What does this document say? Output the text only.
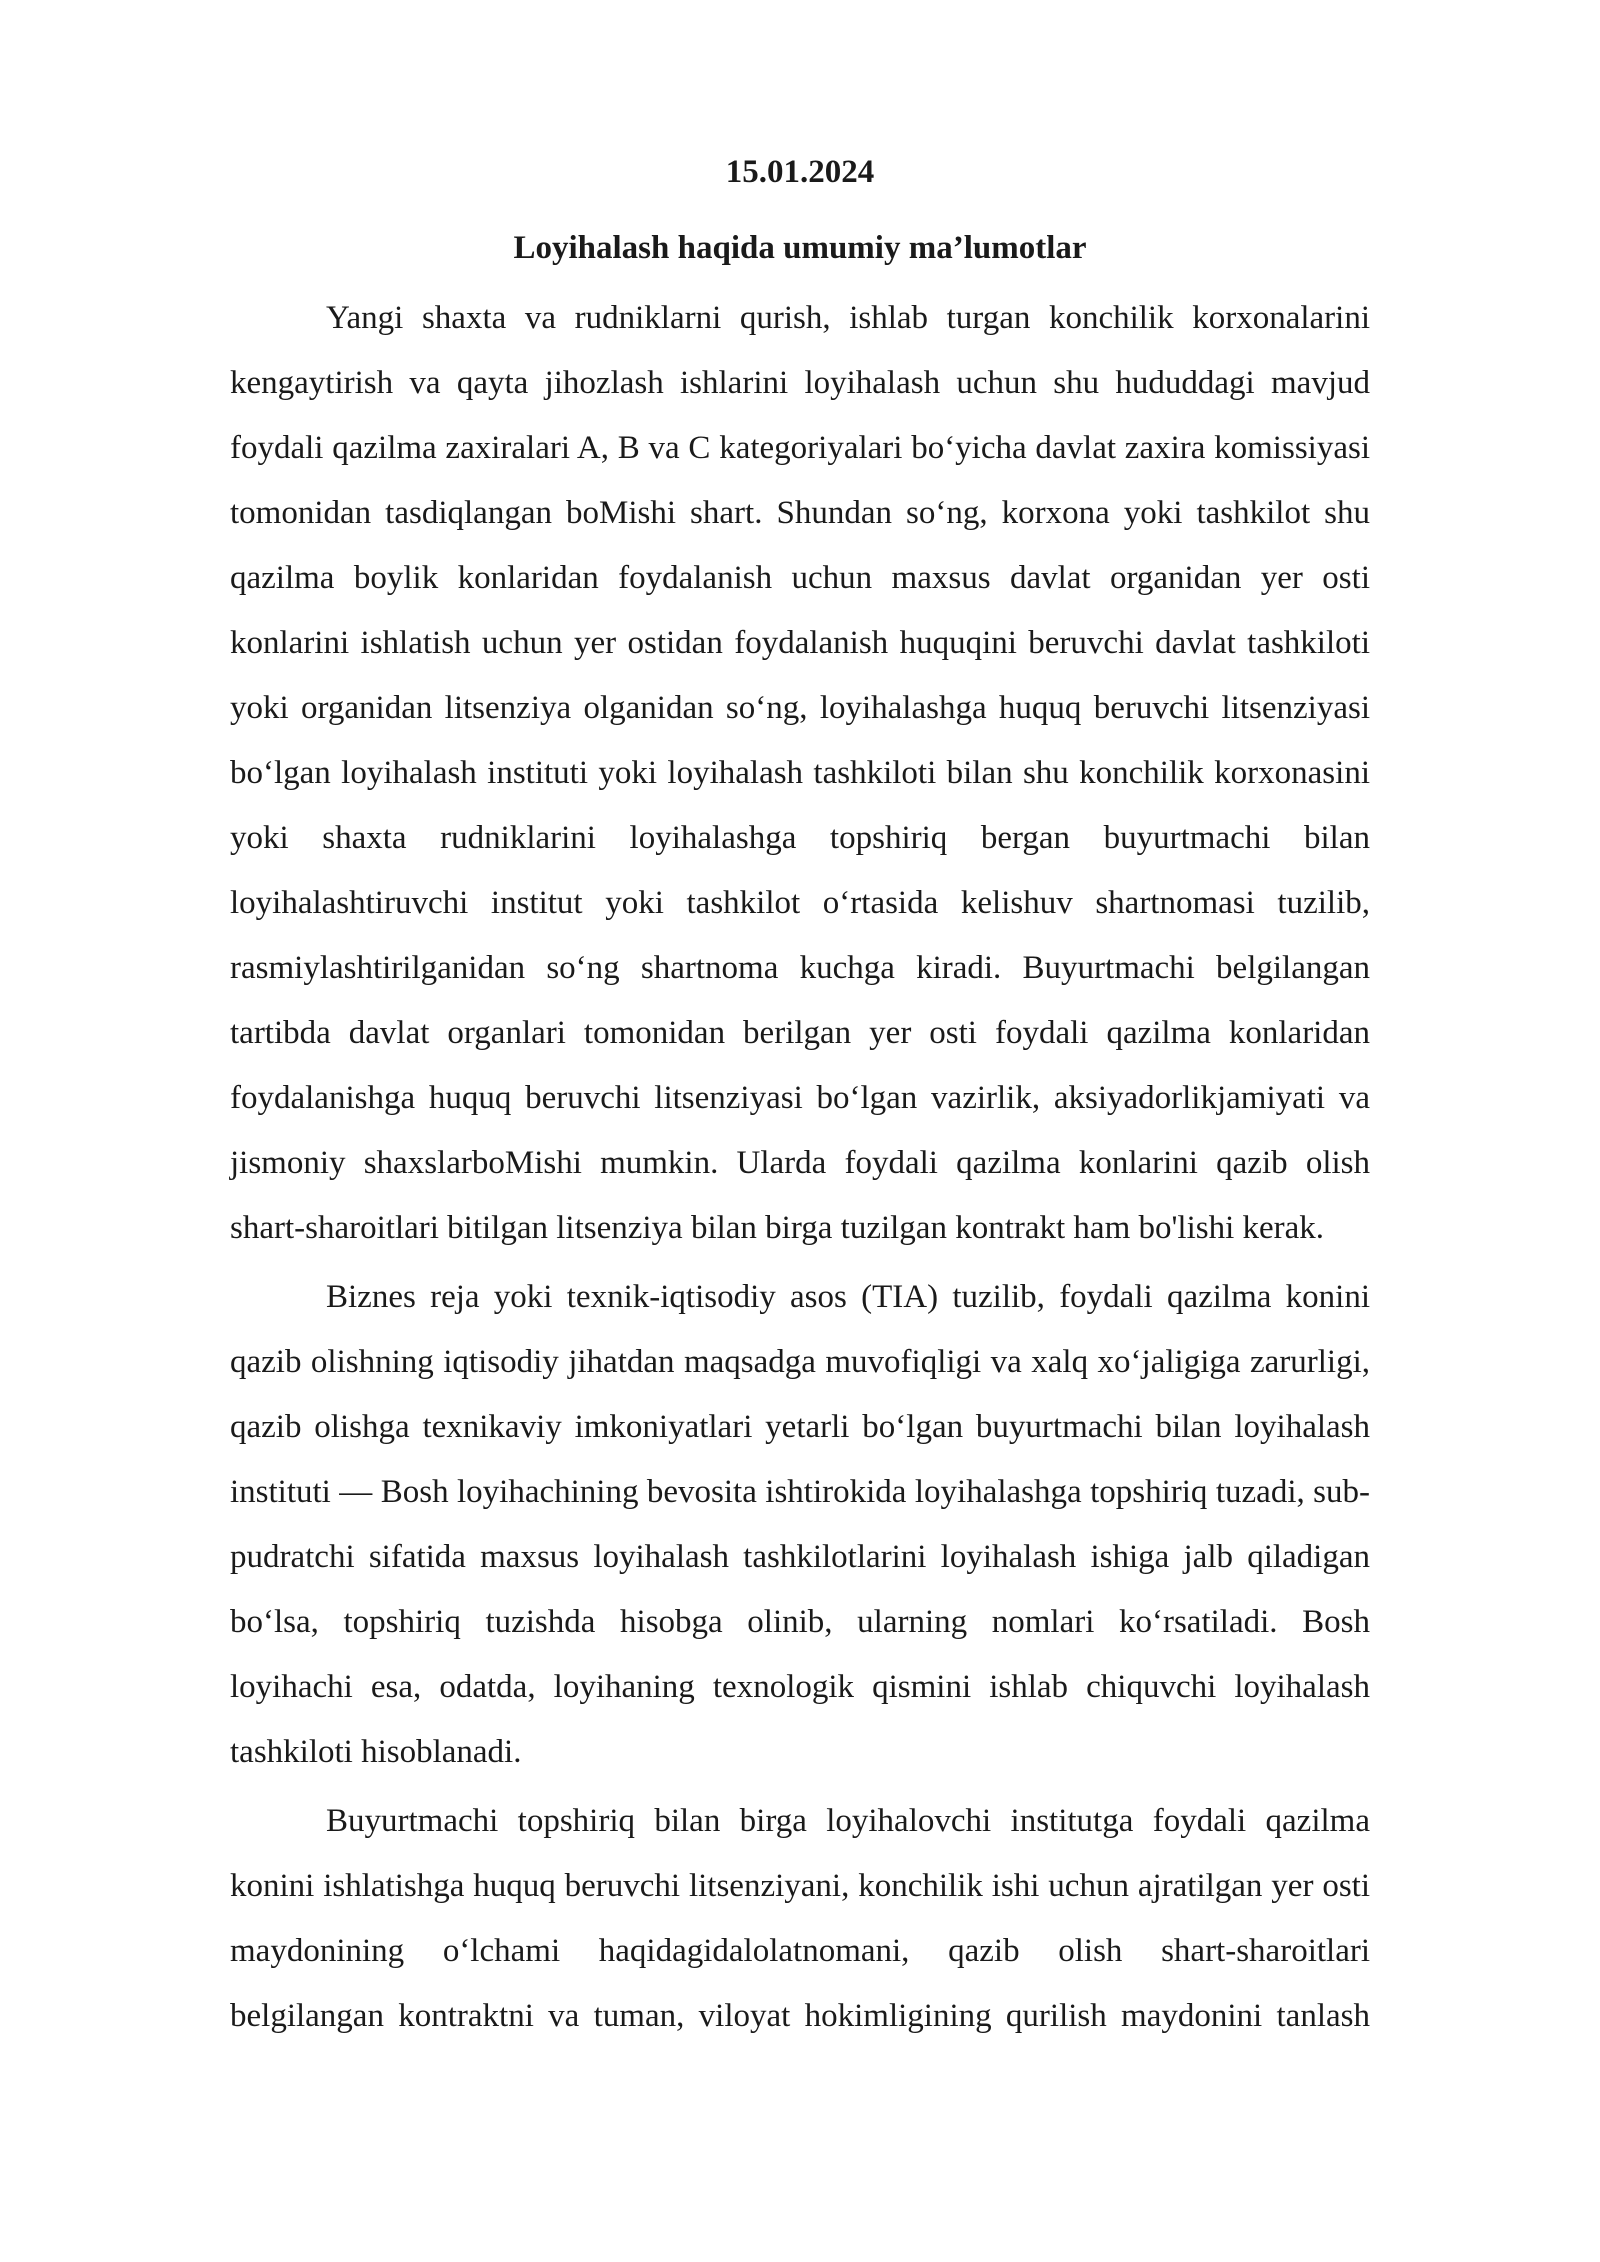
15.01.2024
Loyihalash haqida umumiy ma’lumotlar

Yangi shaxta va rudniklarni qurish, ishlab turgan konchilik korxonalarini kengaytirish va qayta jihozlash ishlarini loyihalash uchun shu hududdagi mavjud foydali qazilma zaxiralari A, B va C kategoriyalari bo‘yicha davlat zaxira komissiyasi tomonidan tasdiqlangan boMishi shart. Shundan so‘ng, korxona yoki tashkilot shu qazilma boylik konlaridan foydalanish uchun maxsus davlat organidan yer osti konlarini ishlatish uchun yer ostidan foydalanish huquqini beruvchi davlat tashkiloti yoki organidan litsenziya olganidan so‘ng, loyihalashga huquq beruvchi litsenziyasi bo‘lgan loyihalash instituti yoki loyihalash tashkiloti bilan shu konchilik korxonasini yoki shaxta rudniklarini loyihalashga topshiriq bergan buyurtmachi bilan loyihalashtiruvchi institut yoki tashkilot o‘rtasida kelishuv shartnomasi tuzilib, rasmiylashtirilganidan so‘ng shartnoma kuchga kiradi. Buyurtmachi belgilangan tartibda davlat organlari tomonidan berilgan yer osti foydali qazilma konlaridan foydalanishga huquq beruvchi litsenziyasi bo‘lgan vazirlik, aksiyadorlikjamiyati va jismoniy shaxslarboMishi mumkin. Ularda foydali qazilma konlarini qazib olish shart-sharoitlari bitilgan litsenziya bilan birga tuzilgan kontrakt ham bo'lishi kerak.

Biznes reja yoki texnik-iqtisodiy asos (TIA) tuzilib, foydali qazilma konini qazib olishning iqtisodiy jihatdan maqsadga muvofiqligi va xalq xo‘jaligiga zarurligi, qazib olishga texnikaviy imkoniyatlari yetarli bo‘lgan buyurtmachi bilan loyihalash instituti — Bosh loyihachining bevosita ishtirokida loyihalashga topshiriq tuzadi, sub-pudratchi sifatida maxsus loyihalash tashkilotlarini loyihalash ishiga jalb qiladigan bo‘lsa, topshiriq tuzishda hisobga olinib, ularning nomlari ko‘rsatiladi. Bosh loyihachi esa, odatda, loyihaning texnologik qismini ishlab chiquvchi loyihalash tashkiloti hisoblanadi.

Buyurtmachi topshiriq bilan birga loyihalovchi institutga foydali qazilma konini ishlatishga huquq beruvchi litsenziyani, konchilik ishi uchun ajratilgan yer osti maydonining o‘lchami haqidagidalolatnomani, qazib olish shart-sharoitlari belgilangan kontraktni va tuman, viloyat hokimligining qurilish maydonini tanlash
